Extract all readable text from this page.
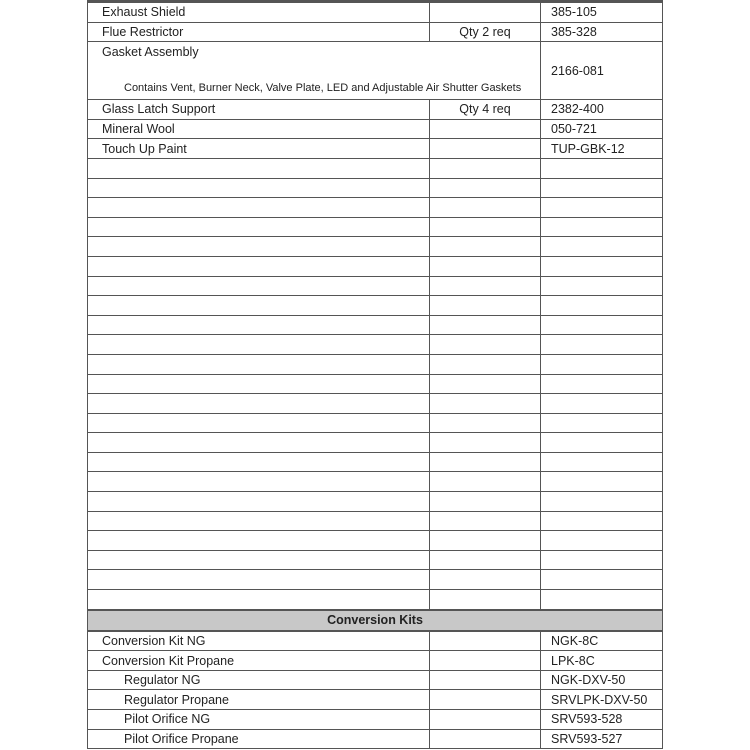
Exhaust Shield		385-105
Flue Restrictor	Qty 2 req	385-328

Gasket Assembly
Contains Vent, Burner Neck, Valve Plate, LED and Adjustable Air Shutter Gaskets		2166-081
Glass Latch Support	Qty 4 req	2382-400
Mineral Wool		050-721
Touch Up Paint		TUP-GBK-12

Conversion Kits		
Conversion Kit NG		NGK-8C
Conversion Kit Propane		LPK-8C
Regulator NG		NGK-DXV-50
Regulator Propane		SRVLPK-DXV-50
Pilot Orifice NG		SRV593-528
Pilot Orifice Propane		SRV593-527
